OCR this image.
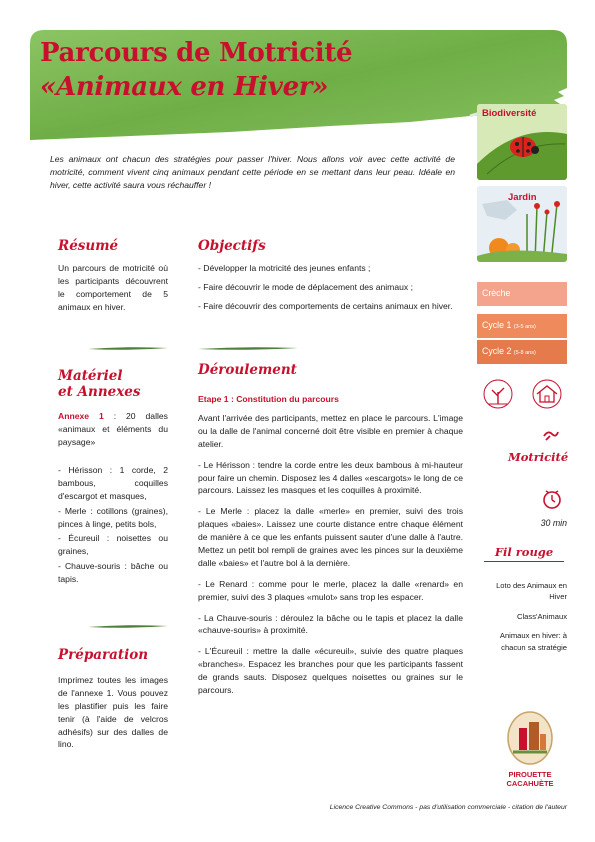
Parcours de Motricité
«Animaux en Hiver»
Les animaux ont chacun des stratégies pour passer l'hiver. Nous allons voir avec cette activité de motricité, comment vivent cinq animaux pendant cette période en se mettant dans leur peau. Idéale en hiver, cette activité saura vous réchauffer !
Résumé
Un parcours de motricité où les participants découvrent le comportement de 5 animaux en hiver.
Matériel
et Annexes
Annexe 1 : 20 dalles «animaux et éléments du paysage»
- Hérisson : 1 corde, 2 bambous, coquilles d'escargot et masques,
- Merle : cotillons (graines), pinces à linge, petits bols,
- Écureuil : noisettes ou graines,
- Chauve-souris : bâche ou tapis.
Préparation
Imprimez toutes les images de l'annexe 1. Vous pouvez les plastifier puis les faire tenir (à l'aide de velcros adhésifs) sur des dalles de lino.
Objectifs
- Développer la motricité des jeunes enfants ;
- Faire découvrir le mode de déplacement des animaux ;
- Faire découvrir des comportements de certains animaux en hiver.
Déroulement
Etape 1 : Constitution du parcours

Avant l'arrivée des participants, mettez en place le parcours. L'image ou la dalle de l'animal concerné doit être visible en premier à chaque atelier.

- Le Hérisson : tendre la corde entre les deux bambous à mi-hauteur pour faire un chemin. Disposez les 4 dalles «escargots» le long de ce parcours. Laissez les masques et les coquilles à proximité.

- Le Merle : placez la dalle «merle» en premier, suivi des trois plaques «baies». Laissez une courte distance entre chaque élément de manière à ce que les enfants puissent sauter d'une dalle à l'autre. Mettez un petit bol rempli de graines avec les pinces sur la deuxième dalle «baies» et l'autre bol à la dernière.

- Le Renard : comme pour le merle, placez la dalle «renard» en premier, suivi des 3 plaques «mulot» sans trop les espacer.

- La Chauve-souris : déroulez la bâche ou le tapis et placez la dalle «chauve-souris» à proximité.

- L'Écureuil : mettre la dalle «écureuil», suivie des quatre plaques «branches». Espacez les branches pour que les participants fassent de grands sauts. Disposez quelques noisettes ou graines sur le parcours.

Biodiversité
Jardin
Crèche
Cycle 1 (3-5 ans)
Cycle 2 (5-8 ans)
Motricité
30 min
Fil rouge
Loto des Animaux en Hiver
Class'Animaux
Animaux en hiver: à chacun sa stratégie
PIROUETTE
CACAHUÈTE
Licence Creative Commons - pas d'utilisation commerciale - citation de l'auteur
